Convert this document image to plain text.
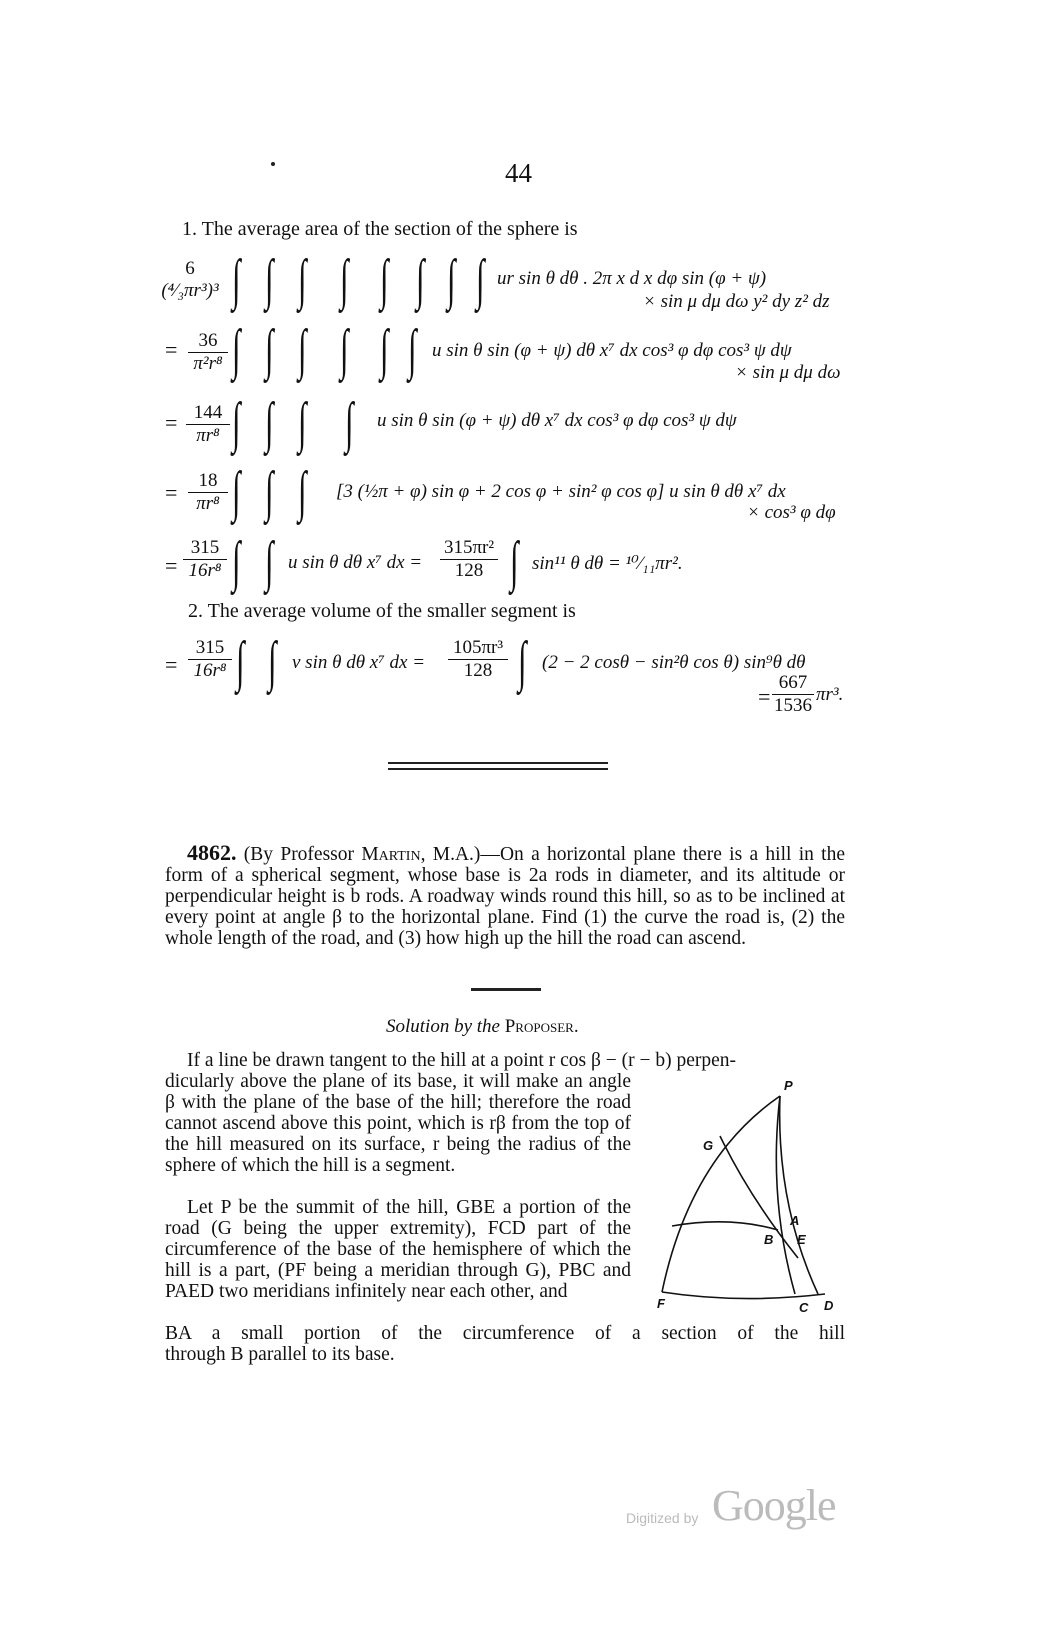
44
1. The average area of the section of the sphere is
6
(⁴⁄₃πr³)³ ∫ ∫ ∫ ∫ ∫ ∫ ∫ ∫ ur sin θ dθ . 2π x d x dφ sin (φ + ψ)
× sin μ dμ dω y² dy z² dz
= $\frac{36}{\text{π²r⁸}}$ ∫ ∫ ∫ ∫ ∫ ∫ u sin θ sin (φ + ψ) dθ x⁷ dx cos³ φ dφ cos³ ψ dψ
× sin μ dμ dω
= $\frac{144}{\text{πr⁸}}$ ∫ ∫ ∫ ∫ u sin θ sin (φ + ψ) dθ x⁷ dx cos³ φ dφ cos³ ψ dψ
= $\frac{18}{\text{πr⁸}}$ ∫ ∫ ∫ [3 (½π + φ) sin φ + 2 cos φ + sin² φ cos φ] u sin θ dθ x⁷ dx
× cos³ φ dφ
= $\frac{315}{\text{16r⁸}}$ ∫ ∫ u sin θ dθ x⁷ dx = $\frac{\text{315πr²}}{128}$ ∫ sin¹¹ θ dθ = ¹⁰⁄₁₁πr².
2. The average volume of the smaller segment is
= $\frac{315}{\text{16r⁸}}$ ∫ ∫ v sin θ dθ x⁷ dx = $\frac{\text{105πr³}}{128}$ ∫ (2 − 2 cosθ − sin²θ cos θ) sin⁹θ dθ
= $\frac{667}{1536} \pi r^3$.
4862. (By Professor Martin, M.A.)—On a horizontal plane there is a hill in the form of a spherical segment, whose base is 2a rods in diameter, and its altitude or perpendicular height is b rods. A roadway winds round this hill, so as to be inclined at every point at angle β to the horizontal plane. Find (1) the curve the road is, (2) the whole length of the road, and (3) how high up the hill the road can ascend.
Solution by the Proposer.
If a line be drawn tangent to the hill at a point r cos β − (r − b) perpen-
dicularly above the plane of its base, it will make an angle β with the plane of the base of the hill; therefore the road cannot ascend above this point, which is rβ from the top of the hill measured on its surface, r being the radius of the sphere of which the hill is a segment.
Let P be the summit of the hill, GBE a portion of the road (G being the upper extremity), FCD part of the circumference of the base of the hemisphere of which the hill is a part, (PF being a meridian through G), PBC and PAED two meridians infinitely near each other, and
BA a small portion of the circumference of a section of the hill
through B parallel to its base.
P
G
A
B E
F	C D
Digitized by Google
